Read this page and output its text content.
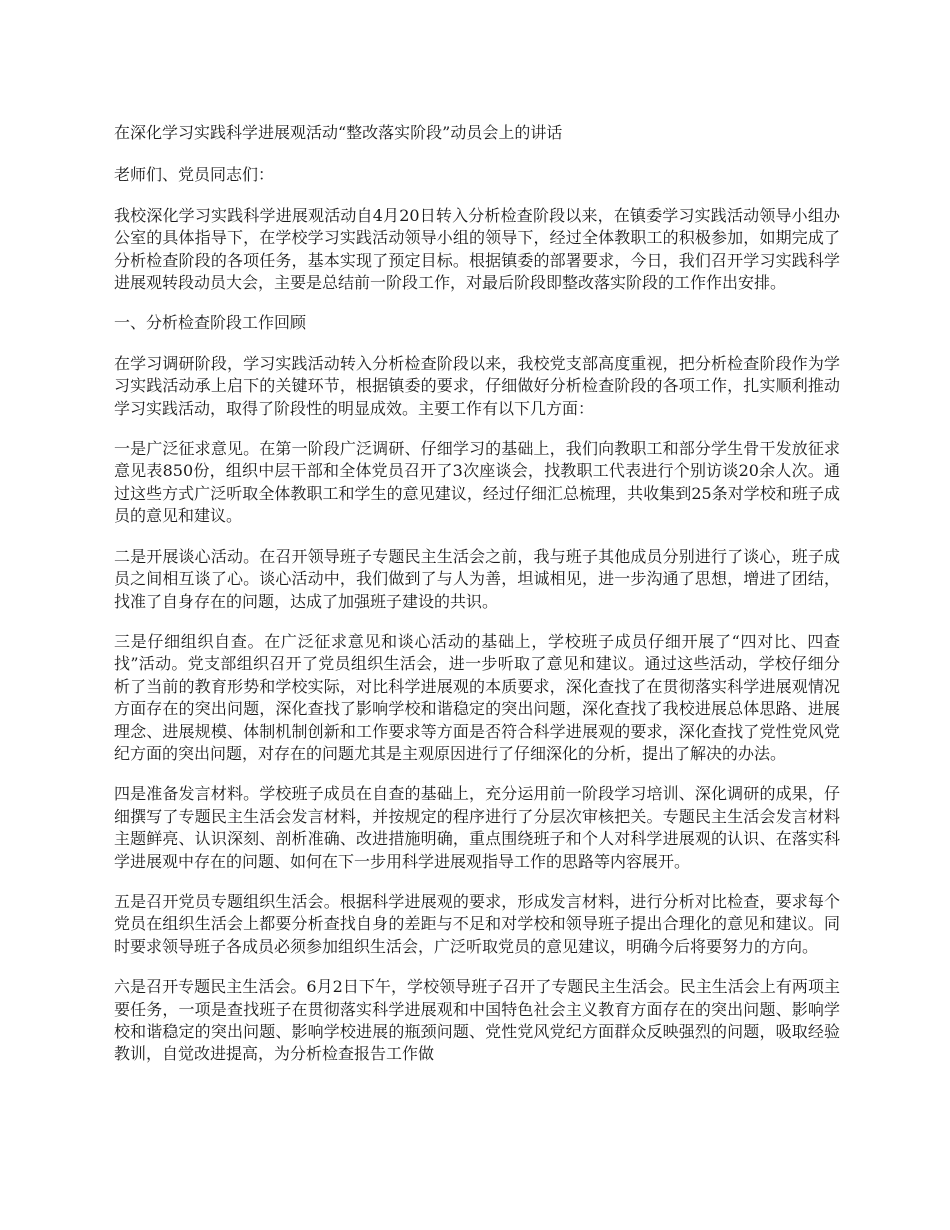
在深化学习实践科学进展观活动“整改落实阶段”动员会上的讲话

老师们、党员同志们：

我校深化学习实践科学进展观活动自4月20日转入分析检查阶段以来，在镇委学习实践活动领导小组办公室的具体指导下，在学校学习实践活动领导小组的领导下，经过全体教职工的积极参加，如期完成了分析检查阶段的各项任务，基本实现了预定目标。根据镇委的部署要求，今日，我们召开学习实践科学进展观转段动员大会，主要是总结前一阶段工作，对最后阶段即整改落实阶段的工作作出安排。

一、分析检查阶段工作回顾

在学习调研阶段，学习实践活动转入分析检查阶段以来，我校党支部高度重视，把分析检查阶段作为学习实践活动承上启下的关键环节，根据镇委的要求，仔细做好分析检查阶段的各项工作，扎实顺利推动学习实践活动，取得了阶段性的明显成效。主要工作有以下几方面：

一是广泛征求意见。在第一阶段广泛调研、仔细学习的基础上，我们向教职工和部分学生骨干发放征求意见表850份，组织中层干部和全体党员召开了3次座谈会，找教职工代表进行个别访谈20余人次。通过这些方式广泛听取全体教职工和学生的意见建议，经过仔细汇总梳理，共收集到25条对学校和班子成员的意见和建议。

二是开展谈心活动。在召开领导班子专题民主生活会之前，我与班子其他成员分别进行了谈心，班子成员之间相互谈了心。谈心活动中，我们做到了与人为善，坦诚相见，进一步沟通了思想，增进了团结，找准了自身存在的问题，达成了加强班子建设的共识。

三是仔细组织自查。在广泛征求意见和谈心活动的基础上，学校班子成员仔细开展了“四对比、四查找”活动。党支部组织召开了党员组织生活会，进一步听取了意见和建议。通过这些活动，学校仔细分析了当前的教育形势和学校实际，对比科学进展观的本质要求，深化查找了在贯彻落实科学进展观情况方面存在的突出问题，深化查找了影响学校和谐稳定的突出问题，深化查找了我校进展总体思路、进展理念、进展规模、体制机制创新和工作要求等方面是否符合科学进展观的要求，深化查找了党性党风党纪方面的突出问题，对存在的问题尤其是主观原因进行了仔细深化的分析，提出了解决的办法。

四是准备发言材料。学校班子成员在自查的基础上，充分运用前一阶段学习培训、深化调研的成果，仔细撰写了专题民主生活会发言材料，并按规定的程序进行了分层次审核把关。专题民主生活会发言材料主题鲜亮、认识深刻、剖析准确、改进措施明确，重点围绕班子和个人对科学进展观的认识、在落实科学进展观中存在的问题、如何在下一步用科学进展观指导工作的思路等内容展开。

五是召开党员专题组织生活会。根据科学进展观的要求，形成发言材料，进行分析对比检查，要求每个党员在组织生活会上都要分析查找自身的差距与不足和对学校和领导班子提出合理化的意见和建议。同时要求领导班子各成员必须参加组织生活会，广泛听取党员的意见建议，明确今后将要努力的方向。

六是召开专题民主生活会。6月2日下午，学校领导班子召开了专题民主生活会。民主生活会上有两项主要任务，一项是查找班子在贯彻落实科学进展观和中国特色社会主义教育方面存在的突出问题、影响学校和谐稳定的突出问题、影响学校进展的瓶颈问题、党性党风党纪方面群众反映强烈的问题，吸取经验教训，自觉改进提高，为分析检查报告工作做
